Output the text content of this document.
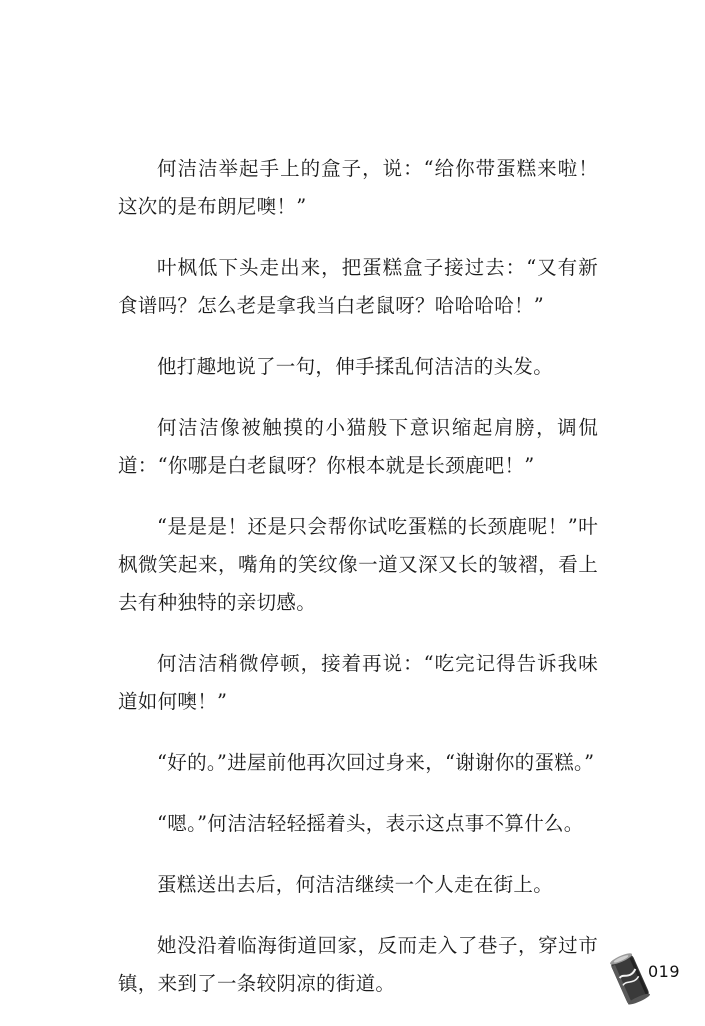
何洁洁举起手上的盒子，说：“给你带蛋糕来啦！这次的是布朗尼噢！”

叶枫低下头走出来，把蛋糕盒子接过去：“又有新食谱吗？怎么老是拿我当白老鼠呀？哈哈哈哈！”

他打趣地说了一句，伸手揉乱何洁洁的头发。

何洁洁像被触摸的小猫般下意识缩起肩膀，调侃道：“你哪是白老鼠呀？你根本就是长颈鹿吧！”

“是是是！还是只会帮你试吃蛋糕的长颈鹿呢！”叶枫微笑起来，嘴角的笑纹像一道又深又长的皱褶，看上去有种独特的亲切感。

何洁洁稍微停顿，接着再说：“吃完记得告诉我味道如何噢！”

“好的。”进屋前他再次回过身来，“谢谢你的蛋糕。”

“嗯。”何洁洁轻轻摇着头，表示这点事不算什么。

蛋糕送出去后，何洁洁继续一个人走在街上。

她没沿着临海街道回家，反而走入了巷子，穿过市镇，来到了一条较阴凉的街道。

019
